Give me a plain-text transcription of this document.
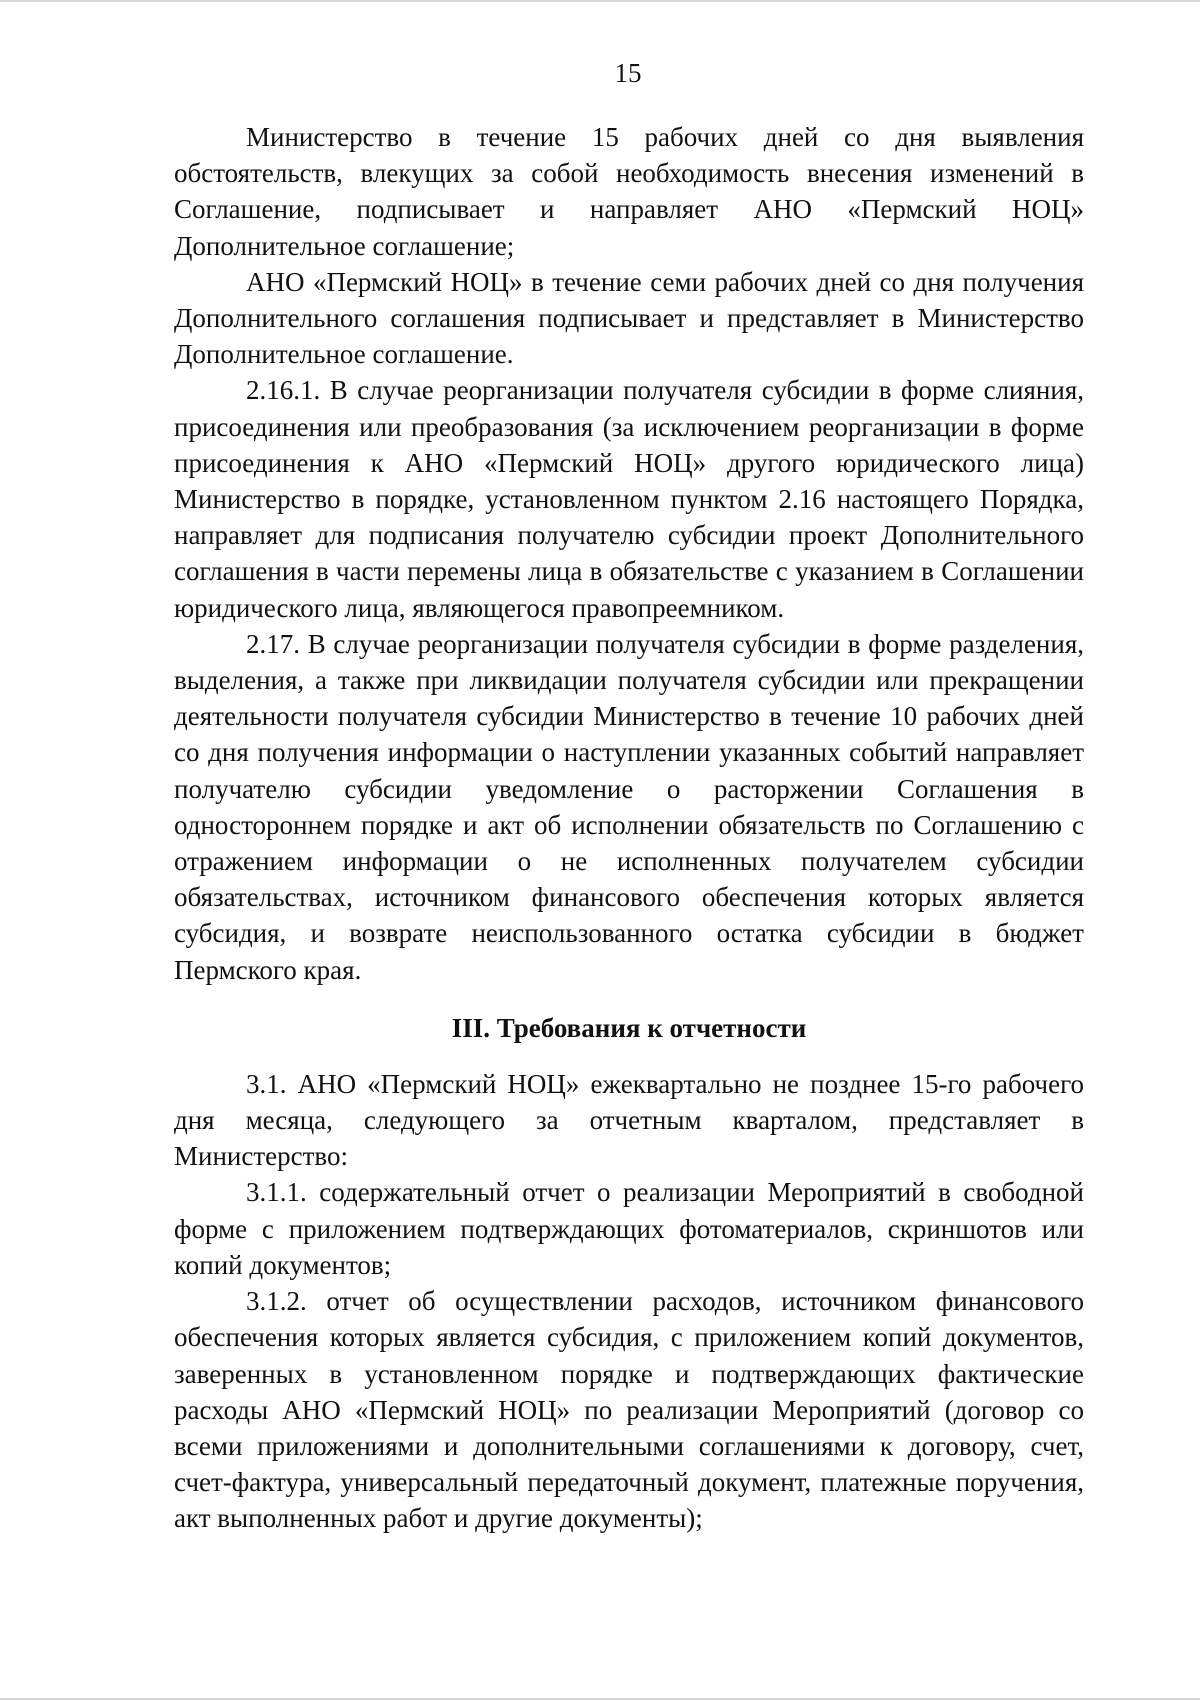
15

Министерство в течение 15 рабочих дней со дня выявления обстоятельств, влекущих за собой необходимость внесения изменений в Соглашение, подписывает и направляет АНО «Пермский НОЦ» Дополнительное соглашение;

АНО «Пермский НОЦ» в течение семи рабочих дней со дня получения Дополнительного соглашения подписывает и представляет в Министерство Дополнительное соглашение.

2.16.1. В случае реорганизации получателя субсидии в форме слияния, присоединения или преобразования (за исключением реорганизации в форме присоединения к АНО «Пермский НОЦ» другого юридического лица) Министерство в порядке, установленном пунктом 2.16 настоящего Порядка, направляет для подписания получателю субсидии проект Дополнительного соглашения в части перемены лица в обязательстве с указанием в Соглашении юридического лица, являющегося правопреемником.

2.17. В случае реорганизации получателя субсидии в форме разделения, выделения, а также при ликвидации получателя субсидии или прекращении деятельности получателя субсидии Министерство в течение 10 рабочих дней со дня получения информации о наступлении указанных событий направляет получателю субсидии уведомление о расторжении Соглашения в одностороннем порядке и акт об исполнении обязательств по Соглашению с отражением информации о не исполненных получателем субсидии обязательствах, источником финансового обеспечения которых является субсидия, и возврате неиспользованного остатка субсидии в бюджет Пермского края.

III. Требования к отчетности

3.1. АНО «Пермский НОЦ» ежеквартально не позднее 15-го рабочего дня месяца, следующего за отчетным кварталом, представляет в Министерство:

3.1.1. содержательный отчет о реализации Мероприятий в свободной форме с приложением подтверждающих фотоматериалов, скриншотов или копий документов;

3.1.2. отчет об осуществлении расходов, источником финансового обеспечения которых является субсидия, с приложением копий документов, заверенных в установленном порядке и подтверждающих фактические расходы АНО «Пермский НОЦ» по реализации Мероприятий (договор со всеми приложениями и дополнительными соглашениями к договору, счет, счет-фактура, универсальный передаточный документ, платежные поручения, акт выполненных работ и другие документы);
